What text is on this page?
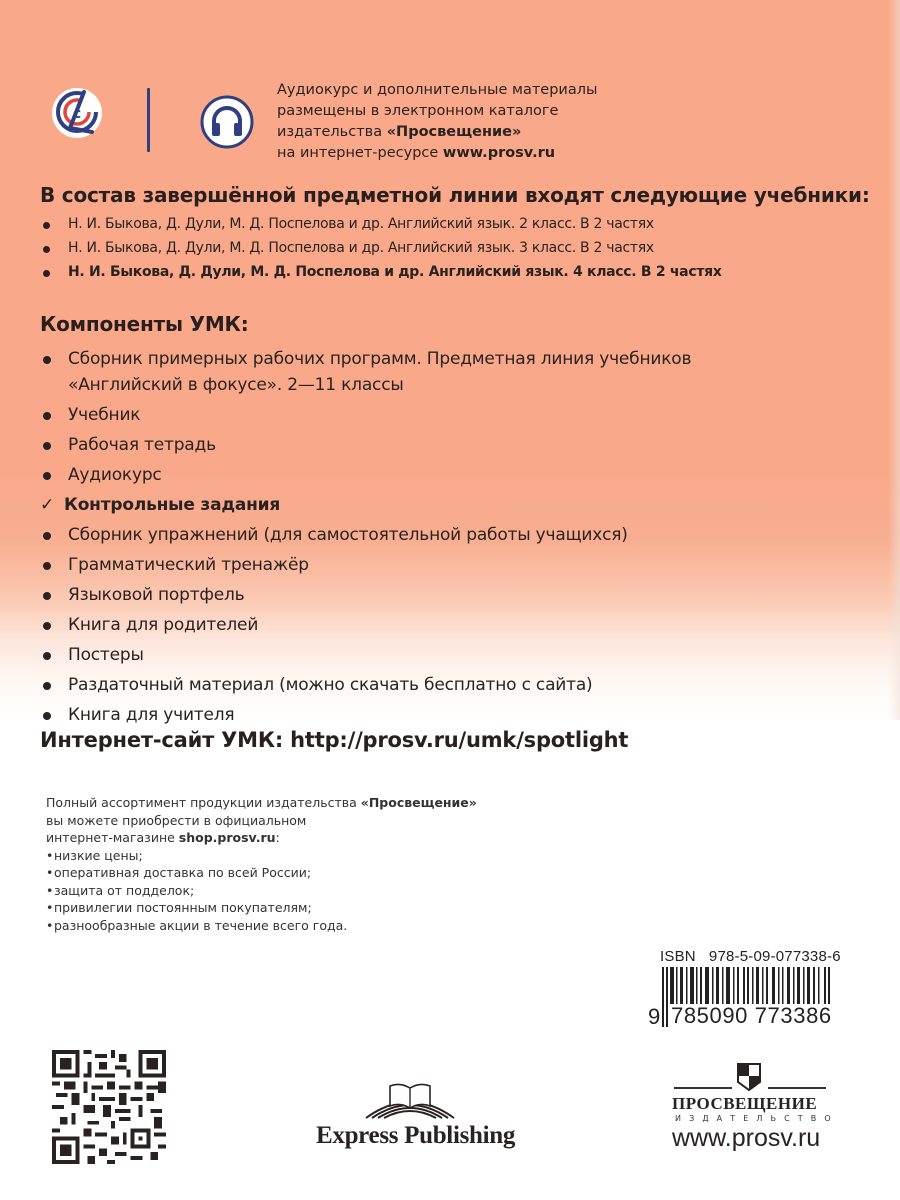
c
Аудиокурс и дополнительные материалы
размещены в электронном каталоге
издательства «Просвещение»
на интернет-ресурсе www.prosv.ru
В состав завершённой предметной линии входят следующие учебники:
Н. И. Быкова, Д. Дули, М. Д. Поспелова и др. Английский язык. 2 класс. В 2 частях
Н. И. Быкова, Д. Дули, М. Д. Поспелова и др. Английский язык. 3 класс. В 2 частях
Н. И. Быкова, Д. Дули, М. Д. Поспелова и др. Английский язык. 4 класс. В 2 частях
Компоненты УМК:
Сборник примерных рабочих программ. Предметная линия учебников «Английский в фокусе». 2—11 классы
Учебник
Рабочая тетрадь
Аудиокурс
✓ Контрольные задания
Сборник упражнений (для самостоятельной работы учащихся)
Грамматический тренажёр
Языковой портфель
Книга для родителей
Постеры
Раздаточный материал (можно скачать бесплатно с сайта)
Книга для учителя
Интернет-сайт УМК: http://prosv.ru/umk/spotlight
Полный ассортимент продукции издательства «Просвещение»
вы можете приобрести в официальном
интернет-магазине shop.prosv.ru:
• низкие цены;
• оперативная доставка по всей России;
• защита от подделок;
• привилегии постоянным покупателям;
• разнообразные акции в течение всего года.
ISBN   978-5-09-077338-6
9 785090 773386
Express Publishing
ПРОСВЕЩЕНИЕ
ИЗДАТЕЛЬСТВО
www.prosv.ru
